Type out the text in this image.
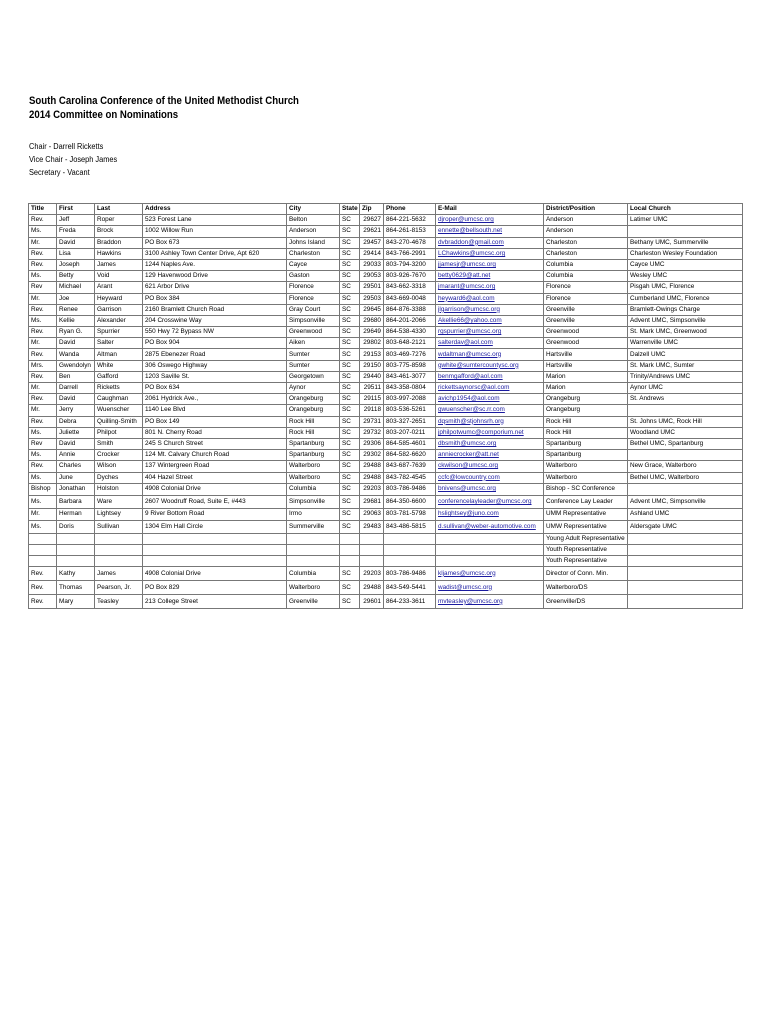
South Carolina Conference of the United Methodist Church
2014 Committee on Nominations
Chair - Darrell Ricketts
Vice Chair - Joseph James
Secretary - Vacant
Title	First	Last	Address	City	State	Zip	Phone	E-Mail	District/Position	Local Church
Rev.	Jeff	Roper	523 Forest Lane	Belton	SC	29627	864-221-5632	djroper@umcsc.org	Anderson	Latimer UMC
Ms.	Freda	Brock	1002 Willow Run	Anderson	SC	29621	864-261-8153	ennette@bellsouth.net	Anderson	
Mr.	David	Braddon	PO Box 673	Johns Island	SC	29457	843-270-4678	dvbraddon@gmail.com	Charleston	Bethany UMC, Summerville
Rev.	Lisa	Hawkins	3100 Ashley Town Center Drive, Apt 620	Charleston	SC	29414	843-766-2991	LChawkins@umcsc.org	Charleston	Charleston Wesley Foundation
Rev.	Joseph	James	1244 Naples Ave.	Cayce	SC	29033	803-794-3200	jjamesjr@umcsc.org	Columbia	Cayce UMC
Ms.	Betty	Void	129 Havenwood Drive	Gaston	SC	29053	803-926-7670	betty0629@att.net	Columbia	Wesley UMC
Rev	Michael	Arant	621 Arbor Drive	Florence	SC	29501	843-662-3318	jmarant@umcsc.org	Florence	Pisgah UMC, Florence
Mr.	Joe	Heyward	PO Box 384	Florence	SC	29503	843-669-0048	heyward6@aol.com	Florence	Cumberland UMC, Florence
Rev.	Renee	Garrison	2160 Bramlett Church Road	Gray Court	SC	29645	864-876-3388	jlgarrison@umcsc.org	Greenville	Bramlett-Owings Charge
Ms.	Kellie	Alexander	204 Crosswine Way	Simpsonville	SC	29680	864-201-2066	Akellie66@yahoo.com	Greenville	Advent UMC, Simpsonville
Rev.	Ryan G.	Spurrier	550 Hwy 72 Bypass NW	Greenwood	SC	29649	864-538-4330	rgspurrier@umcsc.org	Greenwood	St. Mark UMC, Greenwood
Mr.	David	Salter	PO Box 904	Aiken	SC	29802	803-648-2121	salterdav@aol.com	Greenwood	Warrenville UMC
Rev.	Wanda	Altman	2875 Ebenezer Road	Sumter	SC	29153	803-469-7276	wdaltman@umcsc.org	Hartsville	Dalzell UMC
Mrs.	Gwendolyn	White	306 Oswego Highway	Sumter	SC	29150	803-775-8598	gwhite@sumtercountysc.org	Hartsville	St. Mark UMC, Sumter
Rev.	Ben	Gafford	1203 Saville St.	Georgetown	SC	29440	843-461-3077	benmgafford@aol.com	Marion	Trinity/Andrews UMC
Mr.	Darrell	Ricketts	PO Box 634	Aynor	SC	29511	843-358-0804	rickettsaynorsc@aol.com	Marion	Aynor UMC
Rev.	David	Caughman	2061 Hydrick Ave.,	Orangeburg	SC	29115	803-997-2088	avichp1954@aol.com	Orangeburg	St. Andrews
Mr.	Jerry	Wuenscher	1140 Lee Blvd	Orangeburg	SC	29118	803-536-5261	gwuenscher@sc.rr.com	Orangeburg	
Rev.	Debra	Quilling-Smith	PO Box 149	Rock Hill	SC	29731	803-327-2651	dqsmith@stjohnsrh.org	Rock Hill	St. Johns UMC, Rock Hill
Ms.	Juliette	Philpot	801 N. Cherry Road	Rock Hill	SC	29732	803-207-0211	jphilpotwumc@comporium.net	Rock Hill	Woodland UMC
Rev	David	Smith	245 S Church Street	Spartanburg	SC	29306	864-585-4601	dbsmith@umcsc.org	Spartanburg	Bethel UMC, Spartanburg
Ms.	Annie	Crocker	124 Mt. Calvary Church Road	Spartanburg	SC	29302	864-582-6620	anniecrocker@att.net	Spartanburg	
Rev.	Charles	Wilson	137 Wintergreen Road	Walterboro	SC	29488	843-687-7639	ckwilson@umcsc.org	Walterboro	New Grace, Walterboro
Ms.	June	Dyches	404 Hazel Street	Walterboro	SC	29488	843-782-4545	ccfc@lowcountry.com	Walterboro	Bethel UMC, Walterboro
Bishop	Jonathan	Holston	4908 Colonial Drive	Columbia	SC	29203	803-786-9486	bnivens@umcsc.org	Bishop - SC Conference	
Ms.	Barbara	Ware	2607 Woodruff Road, Suite E, #443	Simpsonville	SC	29681	864-350-6600	conferencelayleader@umcsc.org	Conference Lay Leader	Advent UMC, Simpsonville
Mr.	Herman	Lightsey	9 River Bottom Road	Irmo	SC	29063	803-781-5798	hslightsey@juno.com	UMM Representative	Ashland UMC
Ms.	Doris	Sullivan	1304 Elm Hall Circle	Summerville	SC	29483	843-486-5815	d.sullivan@weber-automotive.com	UMW Representative	Aldersgate UMC
									Young Adult Representative	
									Youth Representative	
									Youth Representative	
Rev.	Kathy	James	4908 Colonial Drive	Columbia	SC	29203	803-786-9486	kljames@umcsc.org	Director of Conn. Min.	
Rev.	Thomas	Pearson, Jr.	PO Box 829	Walterboro	SC	29488	843-549-5441	wadist@umcsc.org	Walterboro/DS	
Rev.	Mary	Teasley	213 College Street	Greenville	SC	29601	864-233-3611	mvteasley@umcsc.org	Greenville/DS	
